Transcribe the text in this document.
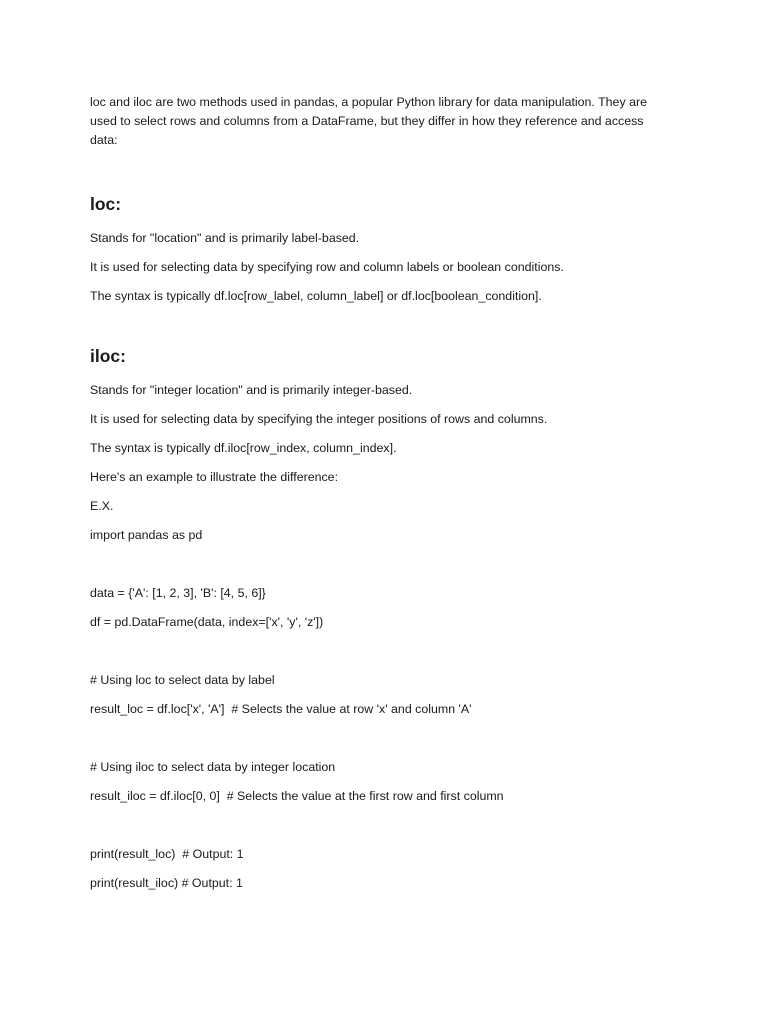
loc and iloc are two methods used in pandas, a popular Python library for data manipulation. They are used to select rows and columns from a DataFrame, but they differ in how they reference and access data:

loc:

Stands for "location" and is primarily label-based.

It is used for selecting data by specifying row and column labels or boolean conditions.

The syntax is typically df.loc[row_label, column_label] or df.loc[boolean_condition].

iloc:

Stands for "integer location" and is primarily integer-based.

It is used for selecting data by specifying the integer positions of rows and columns.

The syntax is typically df.iloc[row_index, column_index].

Here's an example to illustrate the difference:

E.X.

import pandas as pd

data = {'A': [1, 2, 3], 'B': [4, 5, 6]}

df = pd.DataFrame(data, index=['x', 'y', 'z'])

# Using loc to select data by label

result_loc = df.loc['x', 'A']  # Selects the value at row 'x' and column 'A'

# Using iloc to select data by integer location

result_iloc = df.iloc[0, 0]  # Selects the value at the first row and first column

print(result_loc)  # Output: 1

print(result_iloc) # Output: 1
